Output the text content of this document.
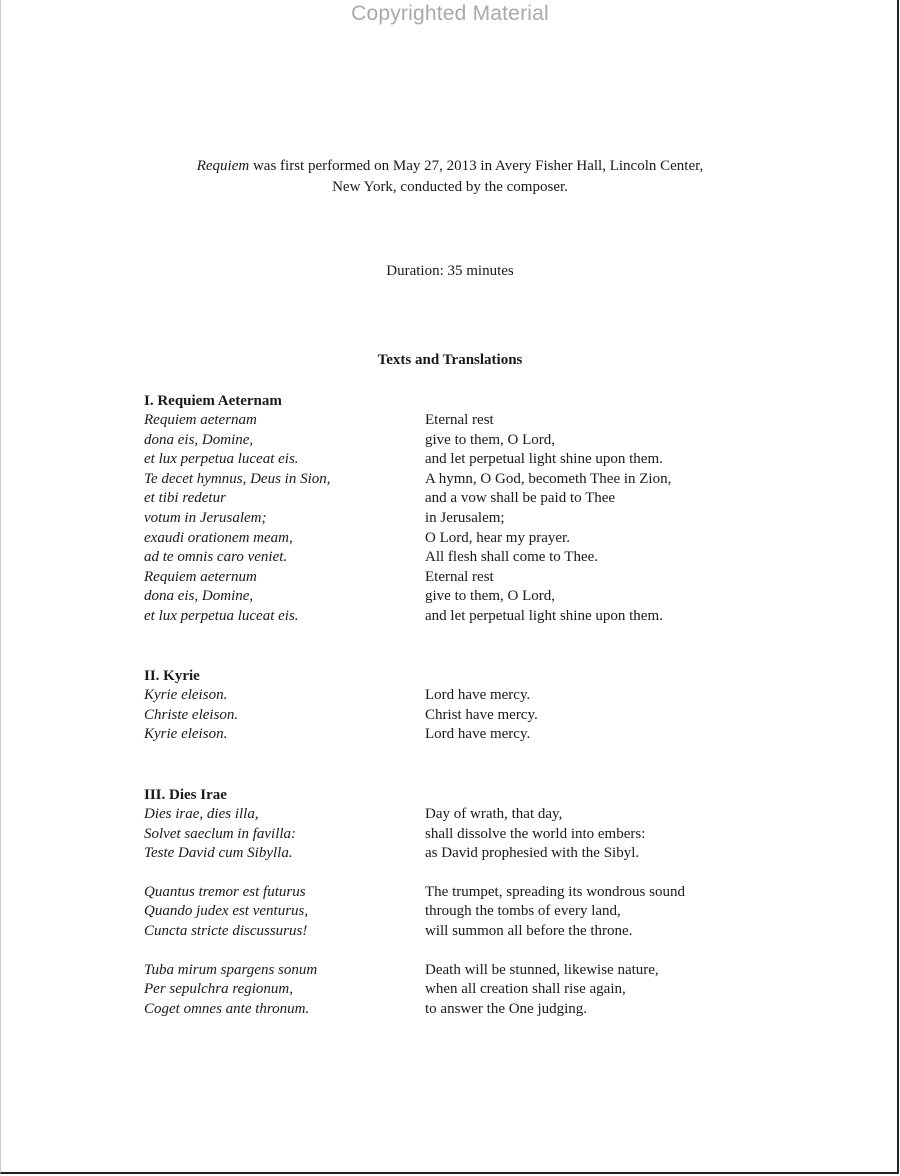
Copyrighted Material
Requiem was first performed on May 27, 2013 in Avery Fisher Hall, Lincoln Center,
New York, conducted by the composer.
Duration: 35 minutes
Texts and Translations
I. Requiem Aeternam
Requiem aeternam	Eternal rest
dona eis, Domine,	give to them, O Lord,
et lux perpetua luceat eis.	and let perpetual light shine upon them.
Te decet hymnus, Deus in Sion,	A hymn, O God, becometh Thee in Zion,
et tibi redetur	and a vow shall be paid to Thee
votum in Jerusalem;	in Jerusalem;
exaudi orationem meam,	O Lord, hear my prayer.
ad te omnis caro veniet.	All flesh shall come to Thee.
Requiem aeternum	Eternal rest
dona eis, Domine,	give to them, O Lord,
et lux perpetua luceat eis.	and let perpetual light shine upon them.
II. Kyrie
Kyrie eleison.	Lord have mercy.
Christe eleison.	Christ have mercy.
Kyrie eleison.	Lord have mercy.
III. Dies Irae
Dies irae, dies illa,	Day of wrath, that day,
Solvet saeclum in favilla:	shall dissolve the world into embers:
Teste David cum Sibylla.	as David prophesied with the Sibyl.
Quantus tremor est futurus	The trumpet, spreading its wondrous sound
Quando judex est venturus,	through the tombs of every land,
Cuncta stricte discussurus!	will summon all before the throne.
Tuba mirum spargens sonum	Death will be stunned, likewise nature,
Per sepulchra regionum,	when all creation shall rise again,
Coget omnes ante thronum.	to answer the One judging.
